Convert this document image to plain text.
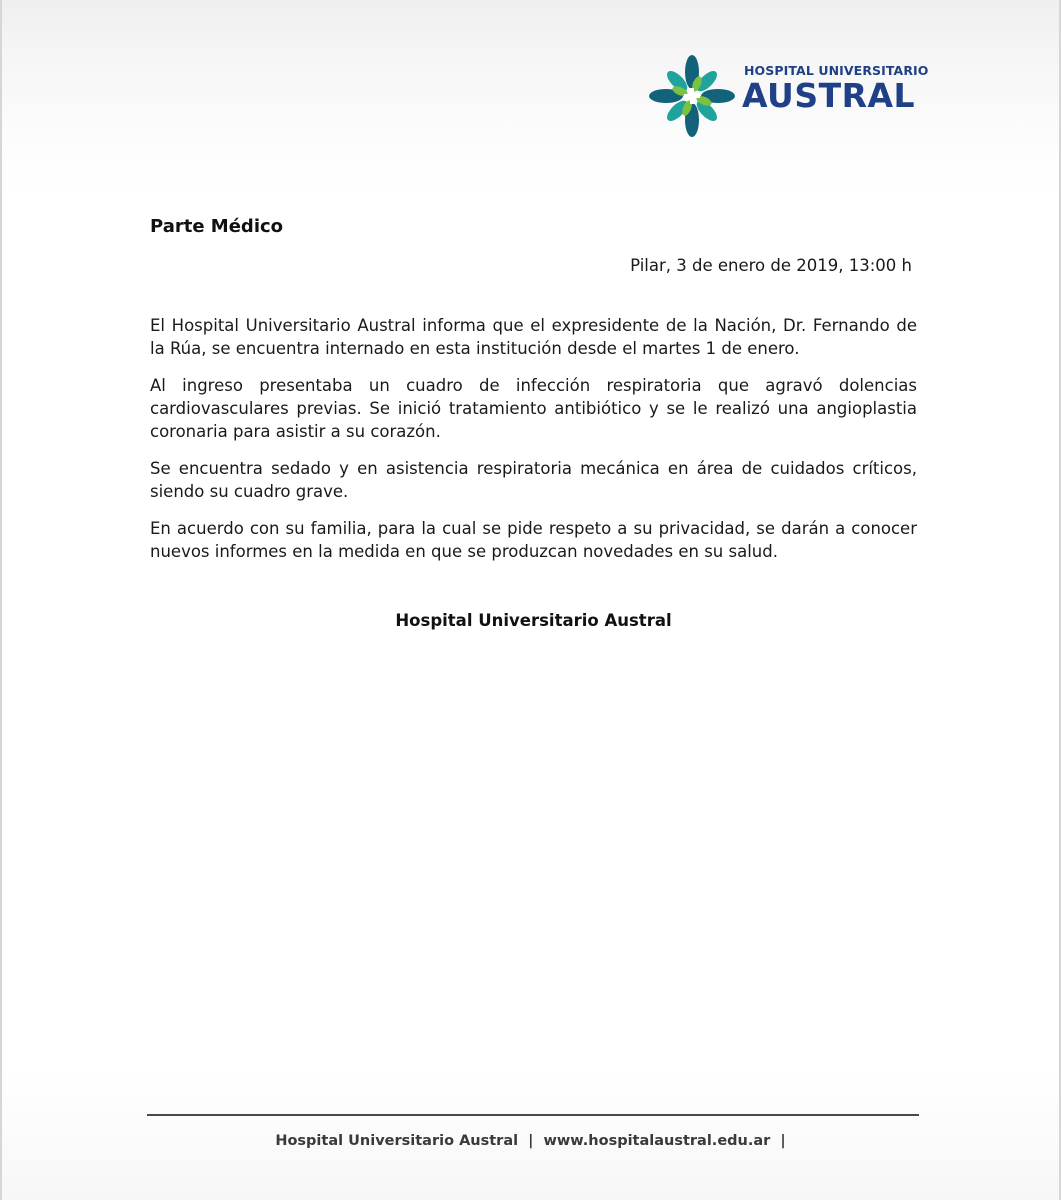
HOSPITAL UNIVERSITARIO
AUSTRAL
Parte Médico
Pilar, 3 de enero de 2019, 13:00 h

El Hospital Universitario Austral informa que el expresidente de la Nación, Dr. Fernando de la Rúa, se encuentra internado en esta institución desde el martes 1 de enero.

Al ingreso presentaba un cuadro de infección respiratoria que agravó dolencias cardiovasculares previas. Se inició tratamiento antibiótico y se le realizó una angioplastia coronaria para asistir a su corazón.

Se encuentra sedado y en asistencia respiratoria mecánica en área de cuidados críticos, siendo su cuadro grave.

En acuerdo con su familia, para la cual se pide respeto a su privacidad, se darán a conocer nuevos informes en la medida en que se produzcan novedades en su salud.

Hospital Universitario Austral
Hospital Universitario Austral | www.hospitalaustral.edu.ar |
